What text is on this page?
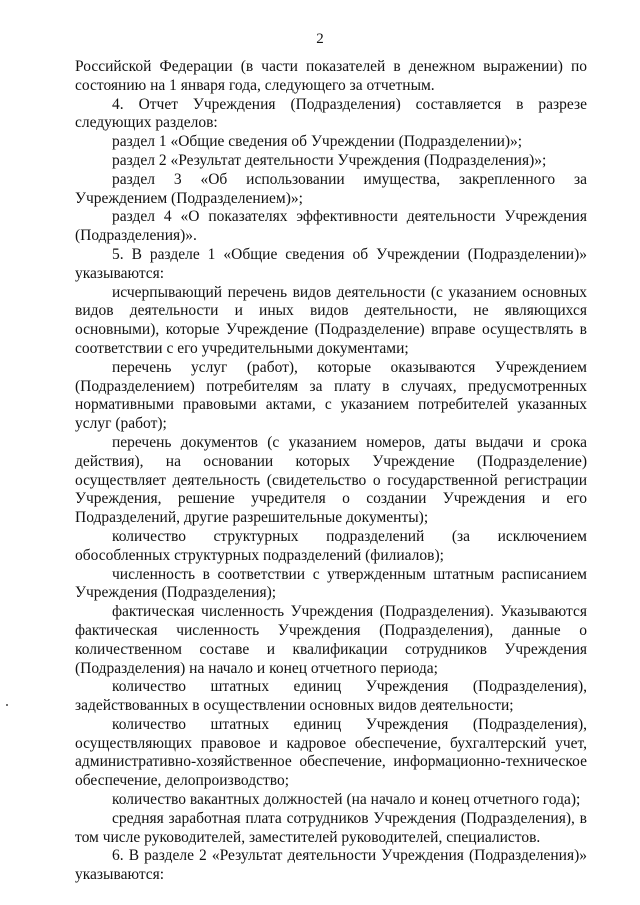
2

Российской Федерации (в части показателей в денежном выражении) по состоянию на 1 января года, следующего за отчетным.

4. Отчет Учреждения (Подразделения) составляется в разрезе следующих разделов:

раздел 1 «Общие сведения об Учреждении (Подразделении)»;

раздел 2 «Результат деятельности Учреждения (Подразделения)»;

раздел 3 «Об использовании имущества, закрепленного за Учреждением (Подразделением)»;

раздел 4 «О показателях эффективности деятельности Учреждения (Подразделения)».

5. В разделе 1 «Общие сведения об Учреждении (Подразделении)» указываются:

исчерпывающий перечень видов деятельности (с указанием основных видов деятельности и иных видов деятельности, не являющихся основными), которые Учреждение (Подразделение) вправе осуществлять в соответствии с его учредительными документами;

перечень услуг (работ), которые оказываются Учреждением (Подразделением) потребителям за плату в случаях, предусмотренных нормативными правовыми актами, с указанием потребителей указанных услуг (работ);

перечень документов (с указанием номеров, даты выдачи и срока действия), на основании которых Учреждение (Подразделение) осуществляет деятельность (свидетельство о государственной регистрации Учреждения, решение учредителя о создании Учреждения и его Подразделений, другие разрешительные документы);

количество структурных подразделений (за исключением обособленных структурных подразделений (филиалов);

численность в соответствии с утвержденным штатным расписанием Учреждения (Подразделения);

фактическая численность Учреждения (Подразделения). Указываются фактическая численность Учреждения (Подразделения), данные о количественном составе и квалификации сотрудников Учреждения (Подразделения) на начало и конец отчетного периода;

количество штатных единиц Учреждения (Подразделения), задействованных в осуществлении основных видов деятельности;

количество штатных единиц Учреждения (Подразделения), осуществляющих правовое и кадровое обеспечение, бухгалтерский учет, административно-хозяйственное обеспечение, информационно-техническое обеспечение, делопроизводство;

количество вакантных должностей (на начало и конец отчетного года);

средняя заработная плата сотрудников Учреждения (Подразделения), в том числе руководителей, заместителей руководителей, специалистов.

6. В разделе 2 «Результат деятельности Учреждения (Подразделения)» указываются:
